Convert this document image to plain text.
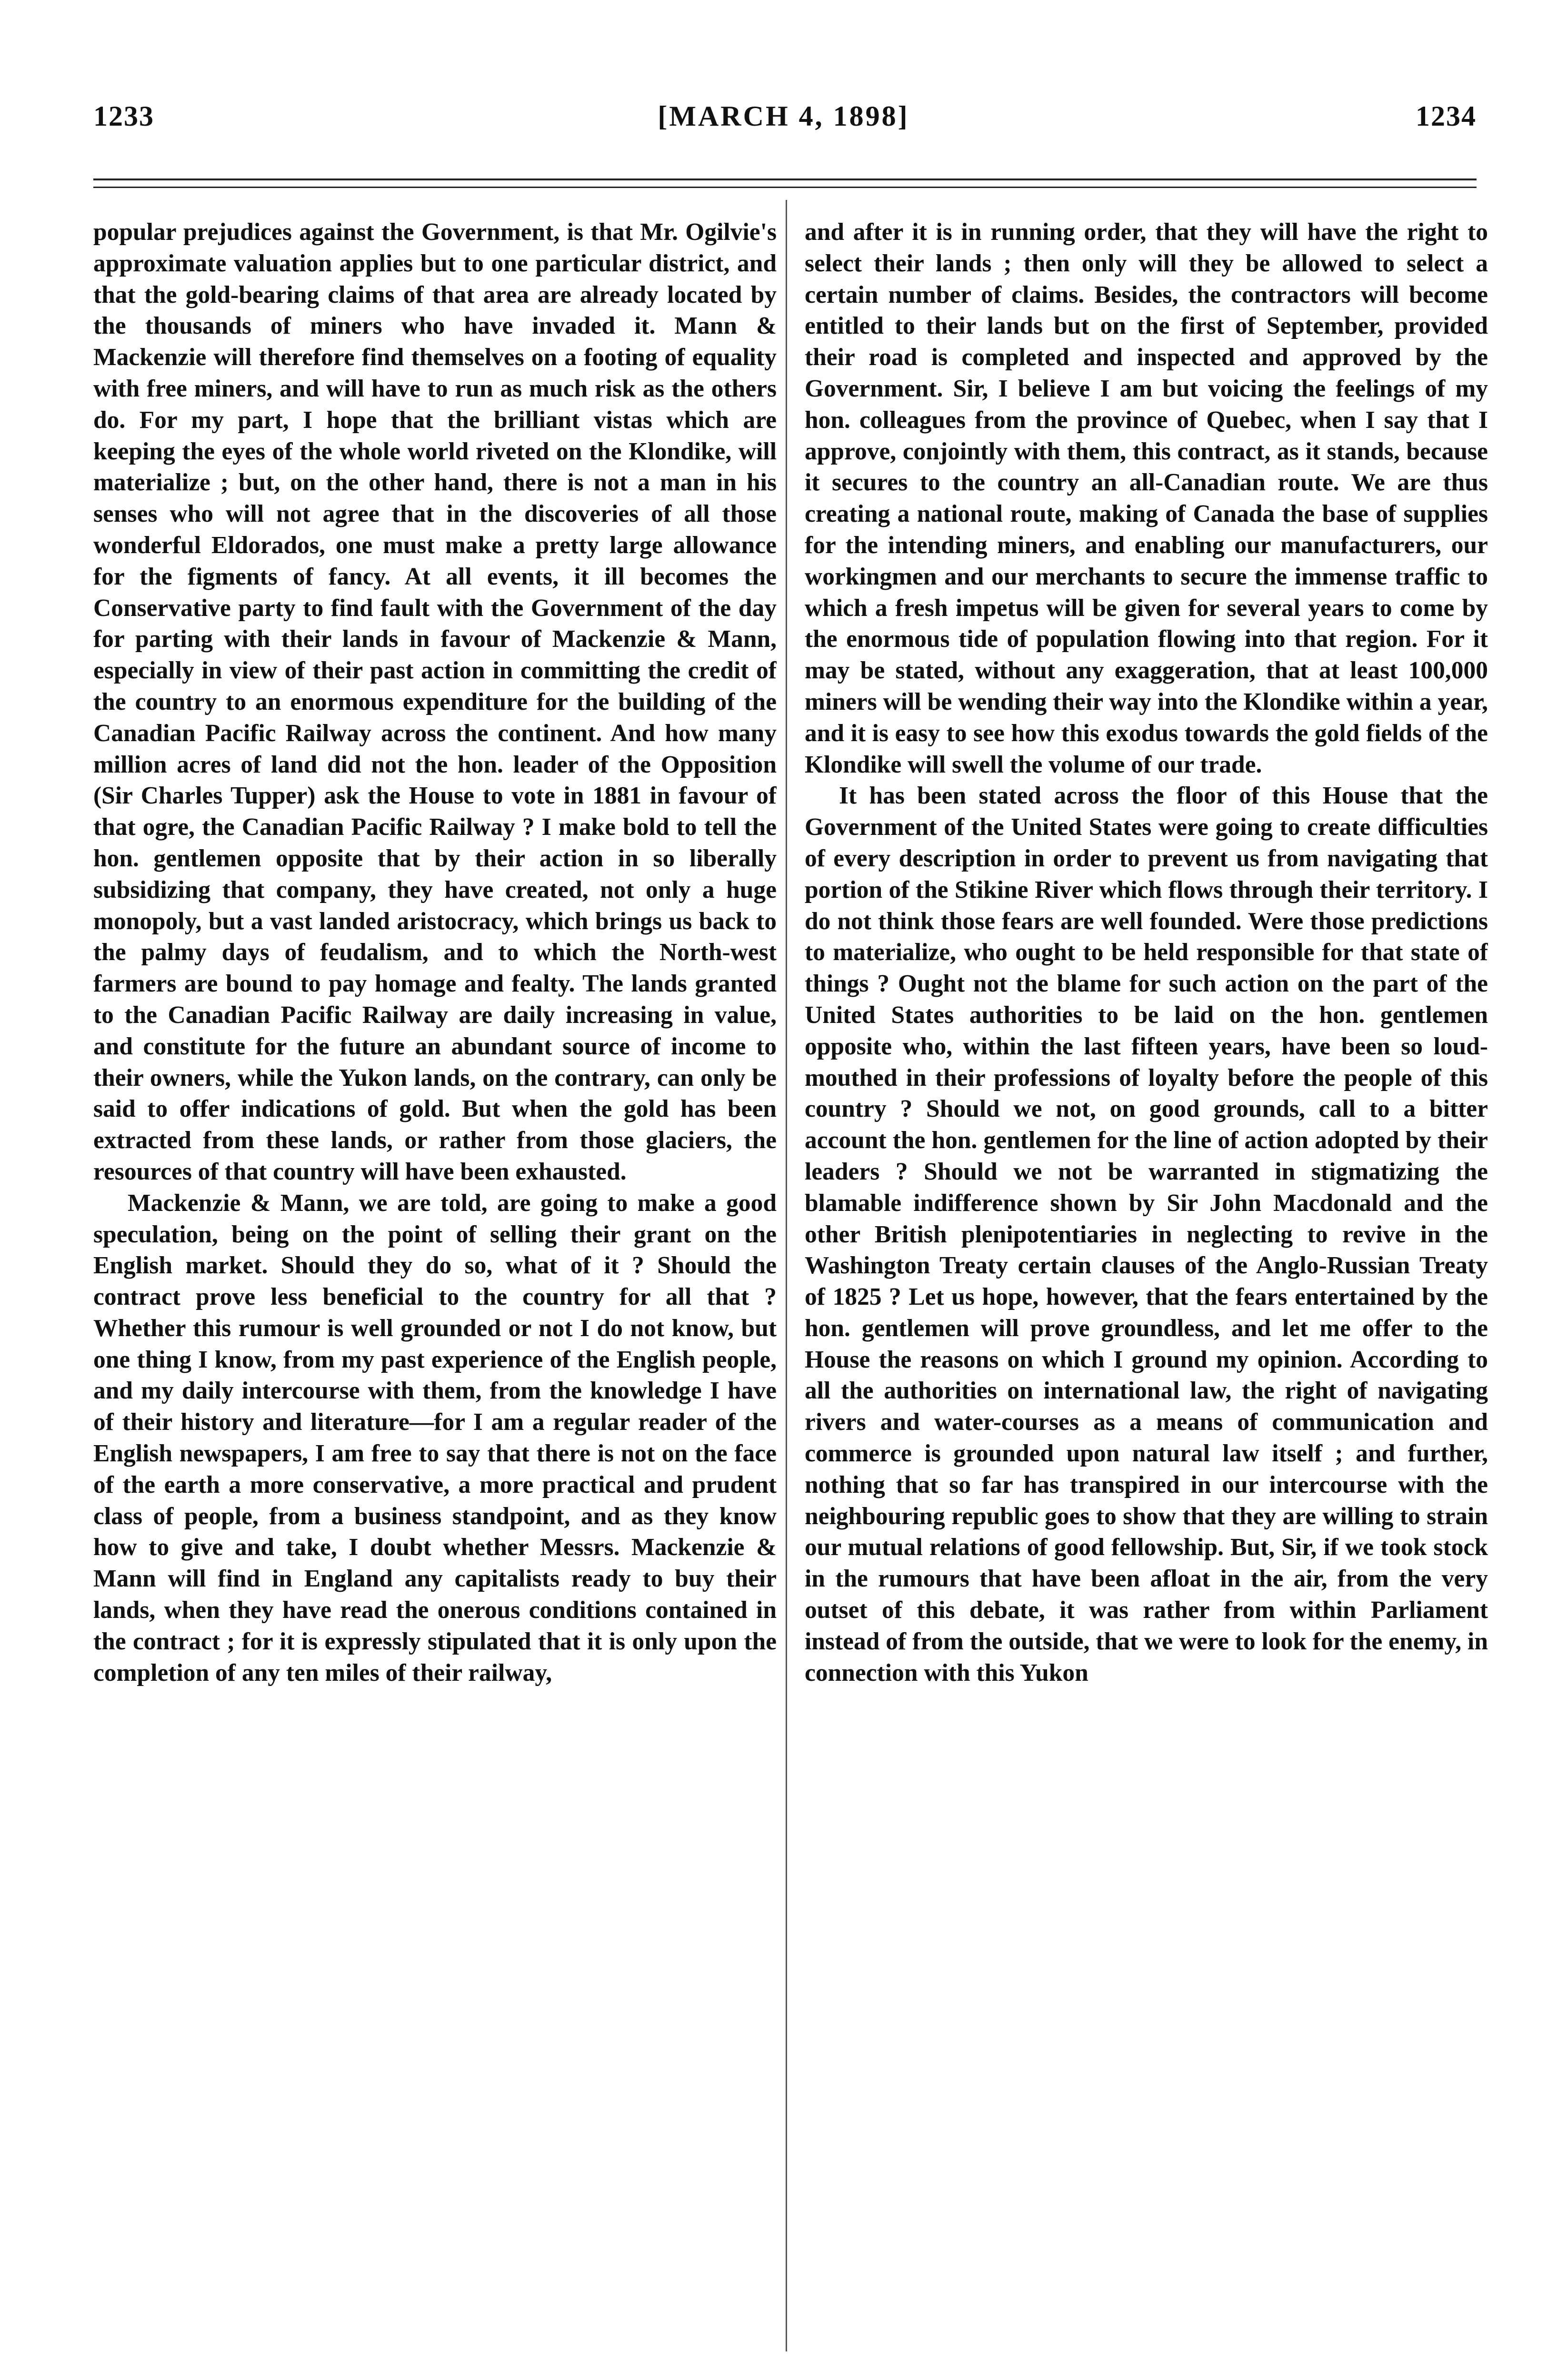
1233	[MARCH 4, 1898]	1234

popular prejudices against the Government, is that Mr. Ogilvie's approximate valuation applies but to one particular district, and that the gold-bearing claims of that area are already located by the thousands of miners who have invaded it. Mann & Mackenzie will therefore find themselves on a footing of equality with free miners, and will have to run as much risk as the others do. For my part, I hope that the brilliant vistas which are keeping the eyes of the whole world riveted on the Klondike, will materialize ; but, on the other hand, there is not a man in his senses who will not agree that in the discoveries of all those wonderful Eldorados, one must make a pretty large allowance for the figments of fancy. At all events, it ill becomes the Conservative party to find fault with the Government of the day for parting with their lands in favour of Mackenzie & Mann, especially in view of their past action in committing the credit of the country to an enormous expenditure for the building of the Canadian Pacific Railway across the continent. And how many million acres of land did not the hon. leader of the Opposition (Sir Charles Tupper) ask the House to vote in 1881 in favour of that ogre, the Canadian Pacific Railway ? I make bold to tell the hon. gentlemen opposite that by their action in so liberally subsidizing that company, they have created, not only a huge monopoly, but a vast landed aristocracy, which brings us back to the palmy days of feudalism, and to which the North-west farmers are bound to pay homage and fealty. The lands granted to the Canadian Pacific Railway are daily increasing in value, and constitute for the future an abundant source of income to their owners, while the Yukon lands, on the contrary, can only be said to offer indications of gold. But when the gold has been extracted from these lands, or rather from those glaciers, the resources of that country will have been exhausted.

Mackenzie & Mann, we are told, are going to make a good speculation, being on the point of selling their grant on the English market. Should they do so, what of it ? Should the contract prove less beneficial to the country for all that ? Whether this rumour is well grounded or not I do not know, but one thing I know, from my past experience of the English people, and my daily intercourse with them, from the knowledge I have of their history and literature—for I am a regular reader of the English newspapers, I am free to say that there is not on the face of the earth a more conservative, a more practical and prudent class of people, from a business standpoint, and as they know how to give and take, I doubt whether Messrs. Mackenzie & Mann will find in England any capitalists ready to buy their lands, when they have read the onerous conditions contained in the contract ; for it is expressly stipulated that it is only upon the completion of any ten miles of their railway,

and after it is in running order, that they will have the right to select their lands ; then only will they be allowed to select a certain number of claims. Besides, the contractors will become entitled to their lands but on the first of September, provided their road is completed and inspected and approved by the Government. Sir, I believe I am but voicing the feelings of my hon. colleagues from the province of Quebec, when I say that I approve, conjointly with them, this contract, as it stands, because it secures to the country an all-Canadian route. We are thus creating a national route, making of Canada the base of supplies for the intending miners, and enabling our manufacturers, our workingmen and our merchants to secure the immense traffic to which a fresh impetus will be given for several years to come by the enormous tide of population flowing into that region. For it may be stated, without any exaggeration, that at least 100,000 miners will be wending their way into the Klondike within a year, and it is easy to see how this exodus towards the gold fields of the Klondike will swell the volume of our trade.

It has been stated across the floor of this House that the Government of the United States were going to create difficulties of every description in order to prevent us from navigating that portion of the Stikine River which flows through their territory. I do not think those fears are well founded. Were those predictions to materialize, who ought to be held responsible for that state of things ? Ought not the blame for such action on the part of the United States authorities to be laid on the hon. gentlemen opposite who, within the last fifteen years, have been so loud-mouthed in their professions of loyalty before the people of this country ? Should we not, on good grounds, call to a bitter account the hon. gentlemen for the line of action adopted by their leaders ? Should we not be warranted in stigmatizing the blamable indifference shown by Sir John Macdonald and the other British plenipotentiaries in neglecting to revive in the Washington Treaty certain clauses of the Anglo-Russian Treaty of 1825 ? Let us hope, however, that the fears entertained by the hon. gentlemen will prove groundless, and let me offer to the House the reasons on which I ground my opinion. According to all the authorities on international law, the right of navigating rivers and water-courses as a means of communication and commerce is grounded upon natural law itself ; and further, nothing that so far has transpired in our intercourse with the neighbouring republic goes to show that they are willing to strain our mutual relations of good fellowship. But, Sir, if we took stock in the rumours that have been afloat in the air, from the very outset of this debate, it was rather from within Parliament instead of from the outside, that we were to look for the enemy, in connection with this Yukon
